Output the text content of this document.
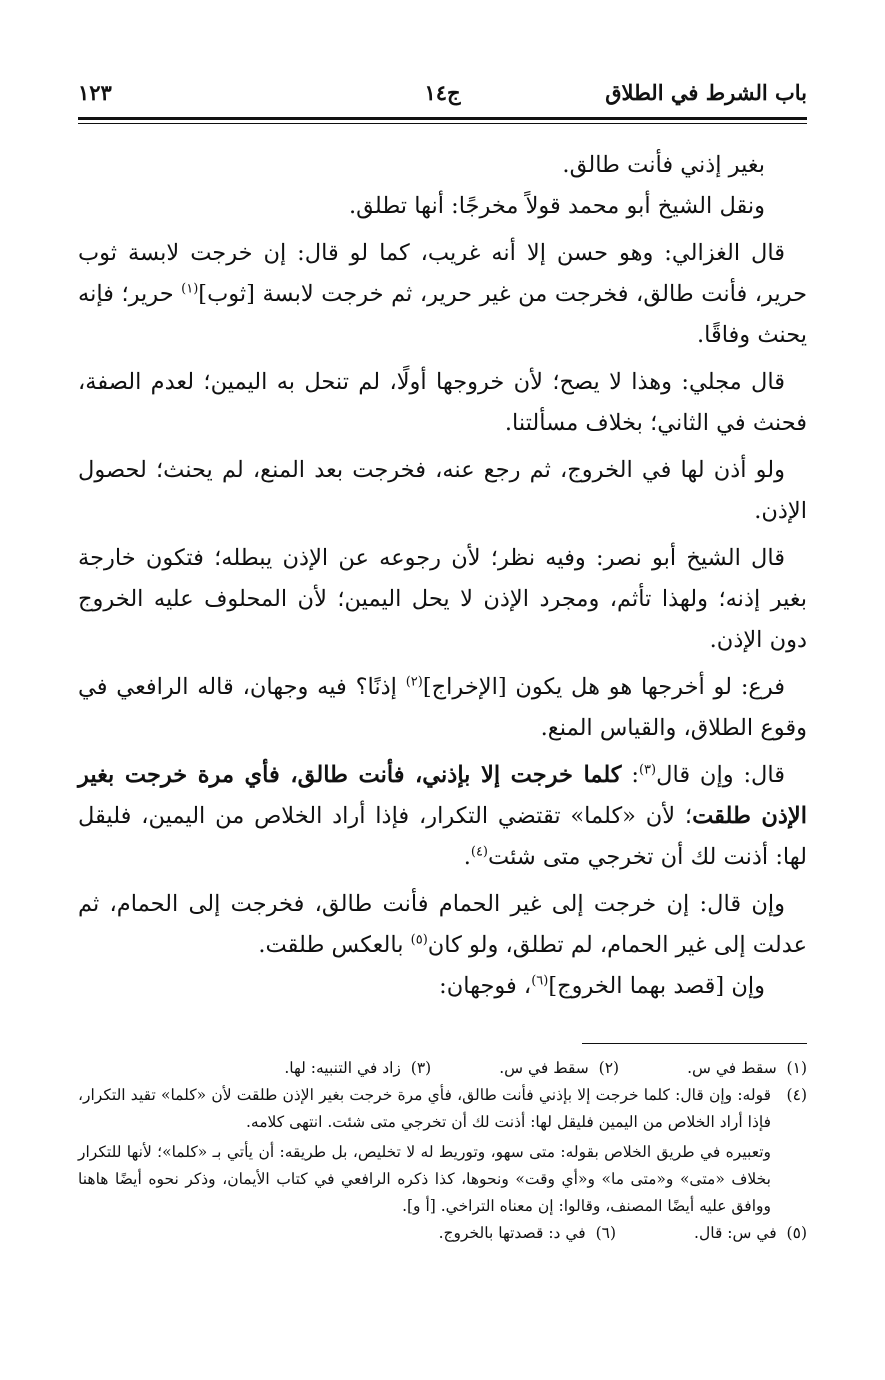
باب الشرط في الطلاق
ج١٤
١٢٣

بغير إذني فأنت طالق.

ونقل الشيخ أبو محمد قولاً مخرجًا: أنها تطلق.

قال الغزالي: وهو حسن إلا أنه غريب، كما لو قال: إن خرجت لابسة ثوب حرير، فأنت طالق، فخرجت من غير حرير، ثم خرجت لابسة [ثوب]$^{(١)}$ حرير؛ فإنه يحنث وفاقًا.

قال مجلي: وهذا لا يصح؛ لأن خروجها أولًا، لم تنحل به اليمين؛ لعدم الصفة، فحنث في الثاني؛ بخلاف مسألتنا.

ولو أذن لها في الخروج، ثم رجع عنه، فخرجت بعد المنع، لم يحنث؛ لحصول الإذن.

قال الشيخ أبو نصر: وفيه نظر؛ لأن رجوعه عن الإذن يبطله؛ فتكون خارجة بغير إذنه؛ ولهذا تأثم، ومجرد الإذن لا يحل اليمين؛ لأن المحلوف عليه الخروج دون الإذن.

فرع: لو أخرجها هو هل يكون [الإخراج]$^{(٢)}$ إذنًا؟ فيه وجهان، قاله الرافعي في وقوع الطلاق، والقياس المنع.

قال: وإن قال$^{(٣)}$: كلما خرجت إلا بإذني، فأنت طالق، فأي مرة خرجت بغير الإذن طلقت؛ لأن «كلما» تقتضي التكرار، فإذا أراد الخلاص من اليمين، فليقل لها: أذنت لك أن تخرجي متى شئت$^{(٤)}$.

وإن قال: إن خرجت إلى غير الحمام فأنت طالق، فخرجت إلى الحمام، ثم عدلت إلى غير الحمام، لم تطلق، ولو كان$^{(٥)}$ بالعكس طلقت.

وإن [قصد بهما الخروج]$^{(٦)}$، فوجهان:

(١)  سقط في س.
(٢)  سقط في س.
(٣)  زاد في التنبيه: لها.
(٤)

قوله: وإن قال: كلما خرجت إلا بإذني فأنت طالق، فأي مرة خرجت بغير الإذن طلقت لأن «كلما» تقيد التكرار، فإذا أراد الخلاص من اليمين فليقل لها: أذنت لك أن تخرجي متى شئت. انتهى كلامه.

وتعبيره في طريق الخلاص بقوله: متى سهو، وتوريط له لا تخليص، بل طريقه: أن يأتي بـ «كلما»؛ لأنها للتكرار بخلاف «متى» و«متى ما» و«أي وقت» ونحوها، كذا ذكره الرافعي في كتاب الأيمان، وذكر نحوه أيضًا هاهنا ووافق عليه أيضًا المصنف، وقالوا: إن معناه التراخي. [أ و].

(٥)  في س: قال.
(٦)  في د: قصدتها بالخروج.
